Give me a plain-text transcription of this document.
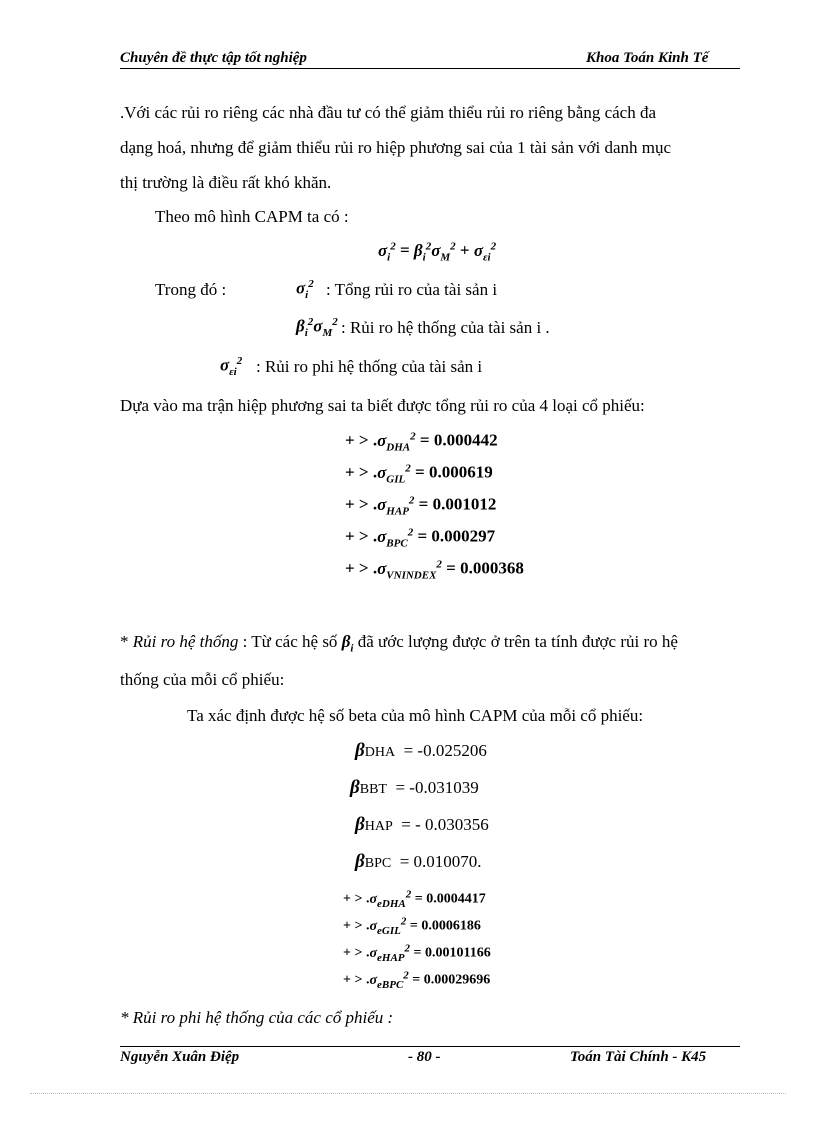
Chuyên đề thực tập tốt nghiệp	Khoa Toán Kinh Tế
.Với các rủi ro riêng các nhà đầu tư có thể giảm thiểu rủi ro riêng bằng cách đa
dạng hoá, nhưng để giảm thiểu rủi ro hiệp phương sai của 1 tài sản với danh mục
thị trường là điều rất khó khăn.
Theo mô hình CAPM ta có :
$\sigma_i^2 = \beta_i^2\sigma_M^2 + \sigma_{\varepsilon i}^2$
Trong đó :	$\sigma_i^2$ : Tổng rủi ro của tài sản i
$\beta_i^2\sigma_M^2$ : Rủi ro hệ thống của tài sản i .
$\sigma_{\varepsilon i}^2$ : Rủi ro phi hệ thống của tài sản i
Dựa vào ma trận hiệp phương sai ta biết được tổng rủi ro của 4 loại cổ phiếu:
+ > $.\sigma_{DHA}^2 = 0.000442$
+ > $.\sigma_{GIL}^2 = 0.000619$
+ > $.\sigma_{HAP}^2 = 0.001012$
+ > $.\sigma_{BPC}^2 = 0.000297$
+ > $.\sigma_{VNINDEX}^2 = 0.000368$
* Rủi ro hệ thống : Từ các hệ số $\beta_i$ đã ước lượng được ở trên ta tính được rủi ro hệ
thống của mỗi cổ phiếu:
Ta xác định được hệ số beta của mô hình CAPM của mỗi cổ phiếu:
βDHA = -0.025206
βBBT = -0.031039
βHAP = - 0.030356
βBPC = 0.010070.
+ > $.\sigma_{eDHA}^2 = 0.0004417$
+ > $.\sigma_{eGIL}^2 = 0.0006186$
+ > $.\sigma_{eHAP}^2 = 0.00101166$
+ > $.\sigma_{eBPC}^2 = 0.00029696$
* Rủi ro phi hệ thống của các cổ phiếu :
Nguyễn Xuân Điệp	- 80 -	Toán Tài Chính - K45
